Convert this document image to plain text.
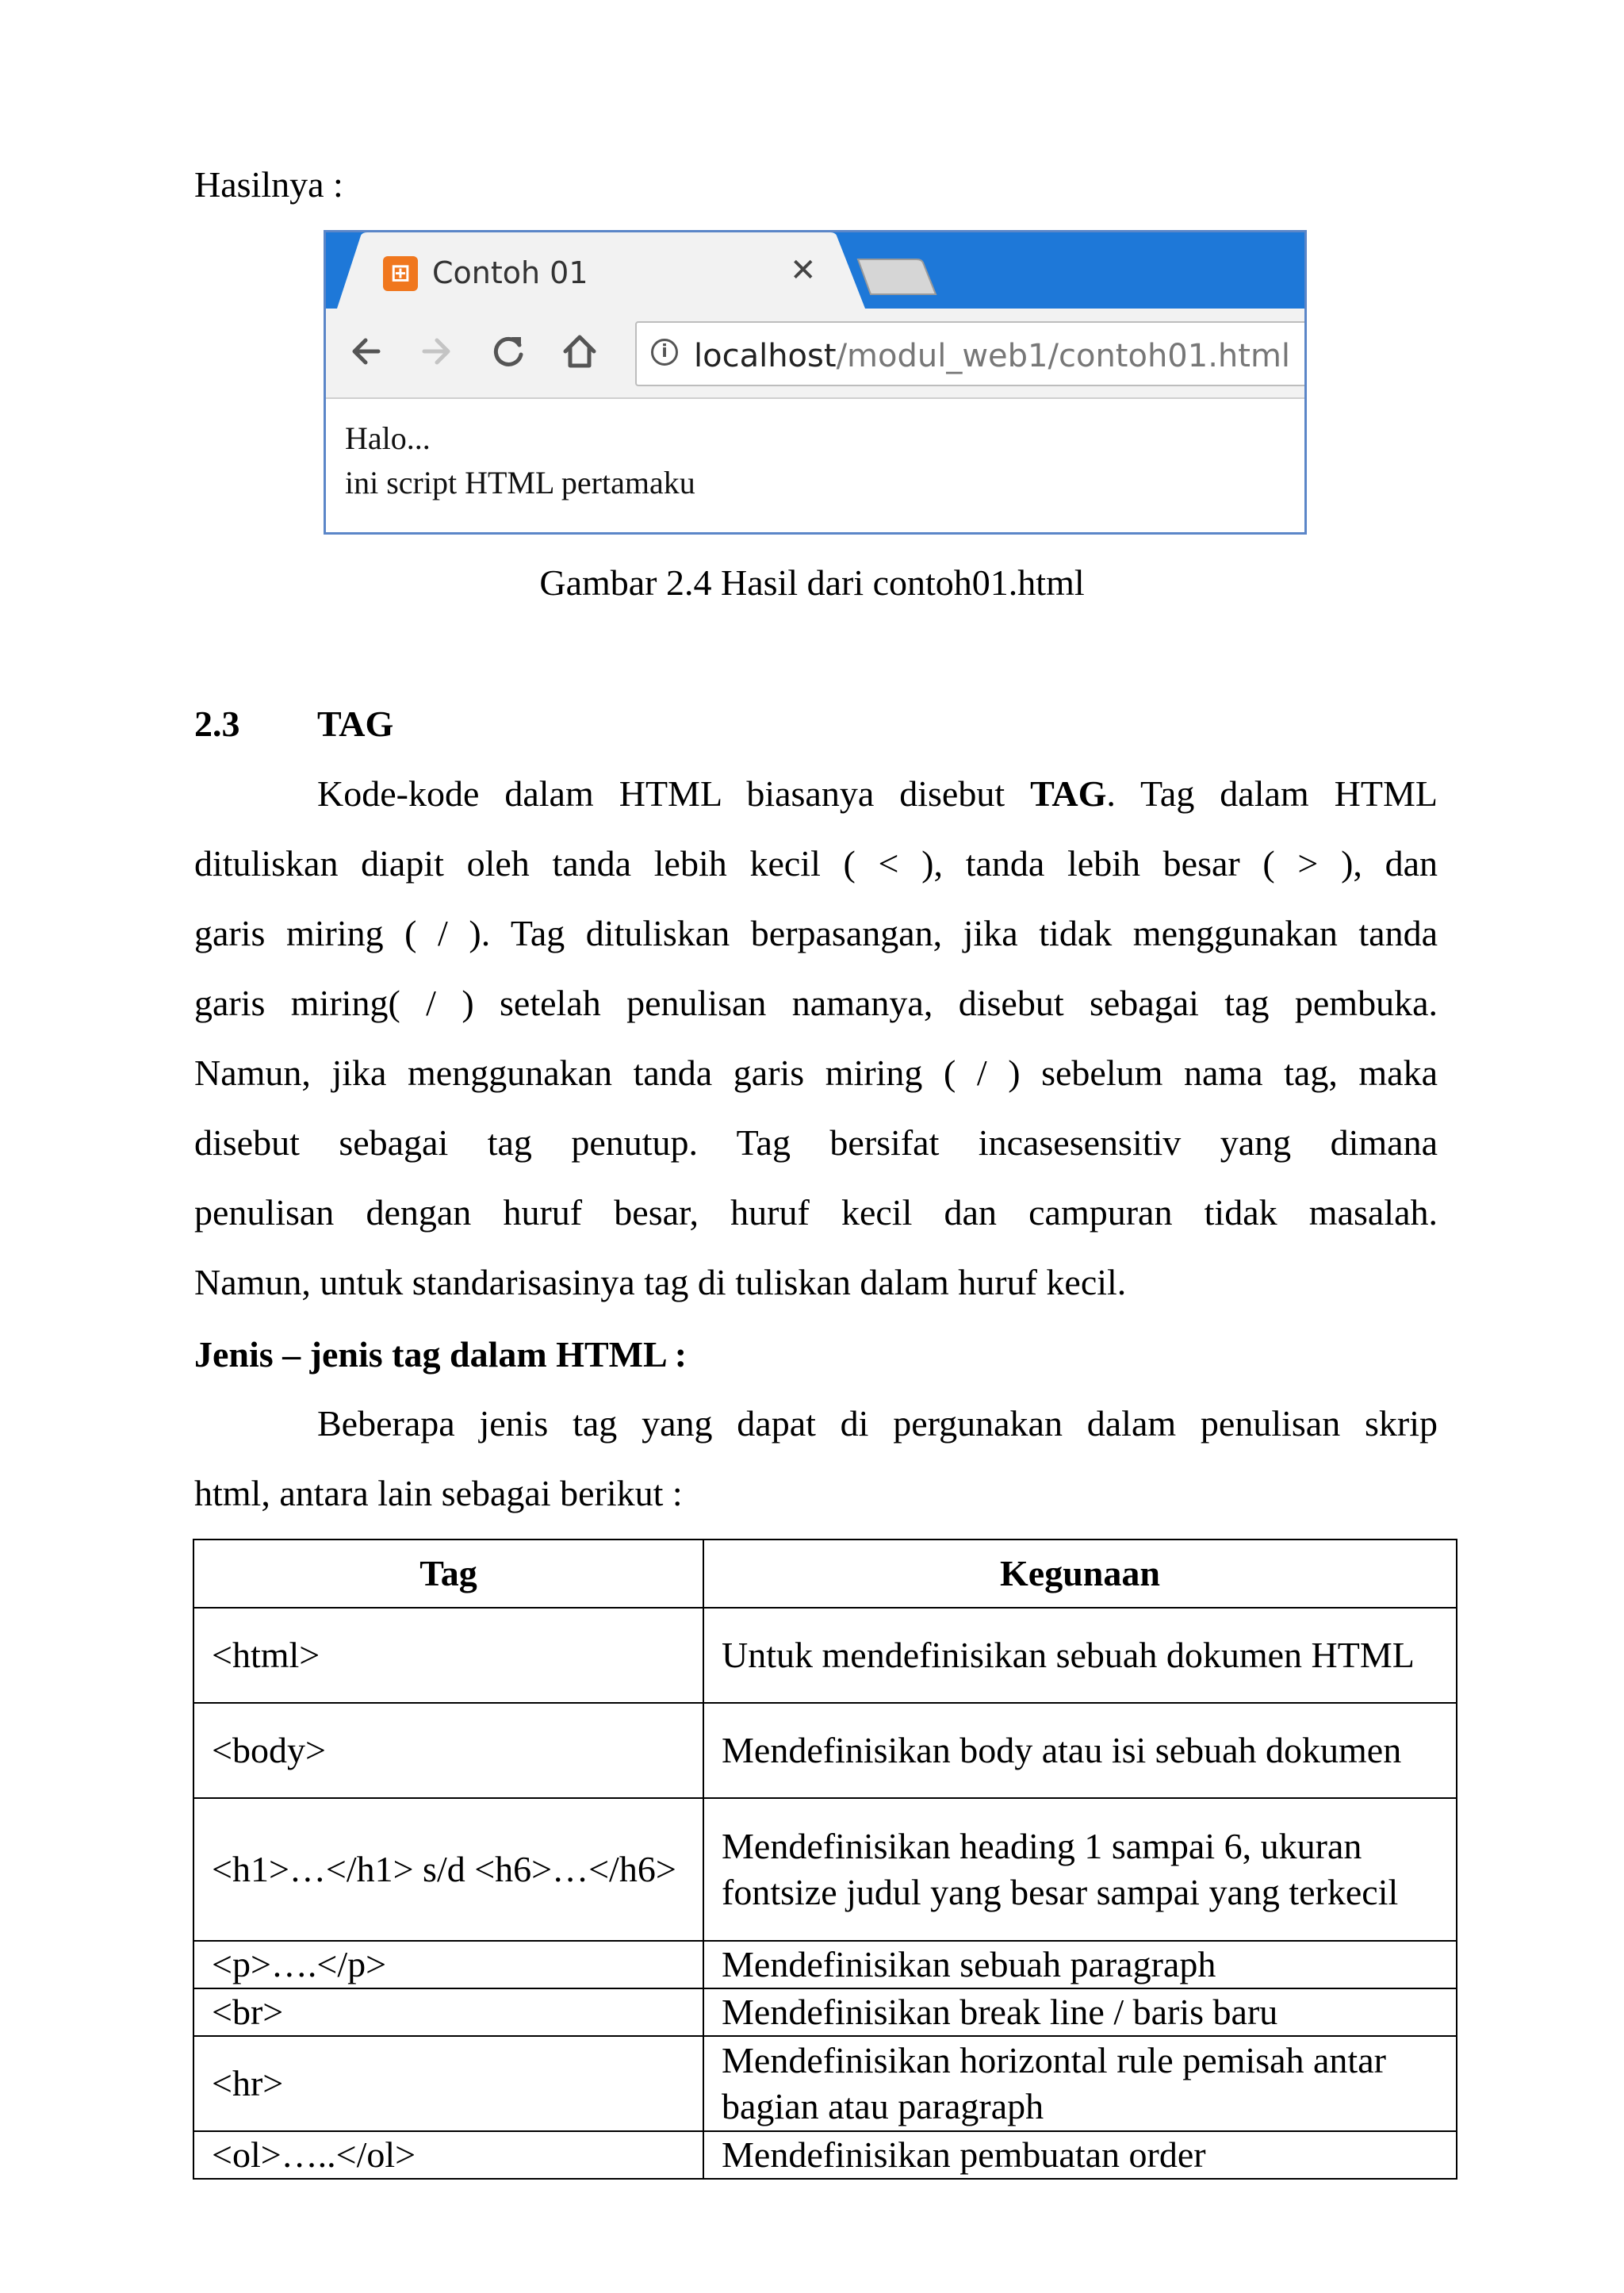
Hasilnya :
⊞ Contoh 01	✕
i localhost/modul_web1/contoh01.html
Halo...
ini script HTML pertamaku
Gambar 2.4 Hasil dari contoh01.html
2.3 TAG
Kode-kode dalam HTML biasanya disebut TAG. Tag dalam HTML
dituliskan diapit oleh tanda lebih kecil ( < ), tanda lebih besar ( > ), dan
garis miring ( / ). Tag dituliskan berpasangan, jika tidak menggunakan tanda
garis miring( / ) setelah penulisan namanya, disebut sebagai tag pembuka.
Namun, jika menggunakan tanda garis miring ( / ) sebelum nama tag, maka
disebut sebagai tag penutup. Tag bersifat incasesensitiv yang dimana
penulisan dengan huruf besar, huruf kecil dan campuran tidak masalah.
Namun, untuk standarisasinya tag di tuliskan dalam huruf kecil.
Jenis – jenis tag dalam HTML :
Beberapa jenis tag yang dapat di pergunakan dalam penulisan skrip
html, antara lain sebagai berikut :
Tag	Kegunaan
<html>	Untuk mendefinisikan sebuah dokumen HTML
<body>	Mendefinisikan body atau isi sebuah dokumen
<h1>…</h1> s/d <h6>…</h6>	Mendefinisikan heading 1 sampai 6, ukuran fontsize judul yang besar sampai yang terkecil
<p>….</p>	Mendefinisikan sebuah paragraph
<br>	Mendefinisikan break line / baris baru
<hr>	Mendefinisikan horizontal rule pemisah antar bagian atau paragraph
<ol>…..</ol>	Mendefinisikan pembuatan order
